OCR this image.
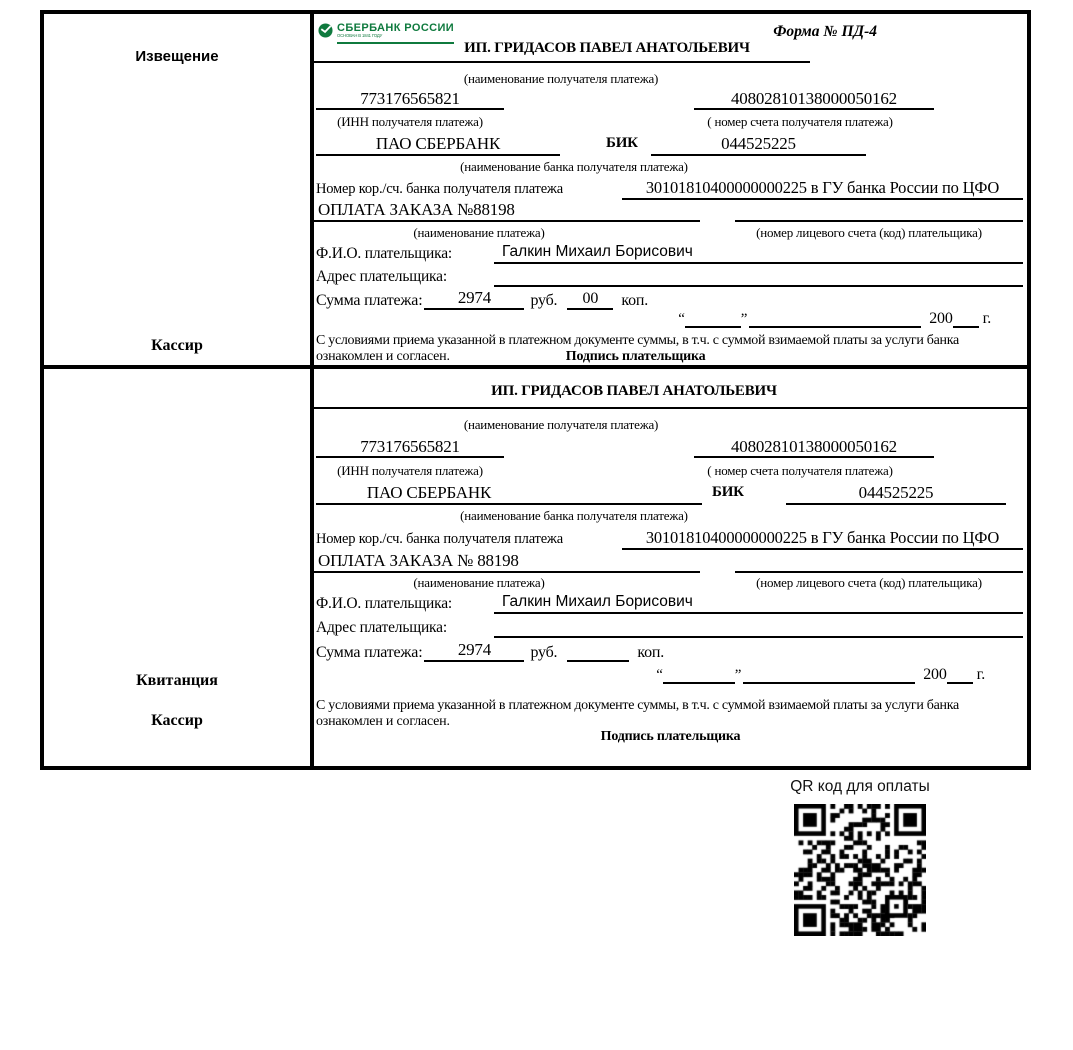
Извещение
Кассир
СБЕРБАНК РОССИИ
ОСНОВАН В 1841 ГОДУ	Форма № ПД-4
ИП. ГРИДАСОВ ПАВЕЛ АНАТОЛЬЕВИЧ
(наименование получателя платежа)
773176565821	40802810138000050162
(ИНН получателя платежа)	( номер счета получателя платежа)
ПАО СБЕРБАНК	БИК	044525225
(наименование банка получателя платежа)
Номер кор./сч. банка получателя платежа	30101810400000000225 в ГУ банка России по ЦФО
ОПЛАТА ЗАКАЗА №88198
(наименование платежа)	(номер лицевого счета (код) плательщика)
Ф.И.О. плательщика:	Галкин Михаил Борисович
Адрес плательщика:
Сумма платежа:	2974	руб.	00	коп.
“	”	200 г.
С условиями приема указанной в платежном документе суммы, в т.ч. с суммой взимаемой платы за услуги банка
ознакомлен и согласен.	Подпись плательщика
Квитанция
Кассир
ИП. ГРИДАСОВ ПАВЕЛ АНАТОЛЬЕВИЧ
(наименование получателя платежа)
773176565821	40802810138000050162
(ИНН получателя платежа)	( номер счета получателя платежа)
ПАО СБЕРБАНК	БИК	044525225
(наименование банка получателя платежа)
Номер кор./сч. банка получателя платежа	30101810400000000225 в ГУ банка России по ЦФО
ОПЛАТА ЗАКАЗА № 88198
(наименование платежа)	(номер лицевого счета (код) плательщика)
Ф.И.О. плательщика:	Галкин Михаил Борисович
Адрес плательщика:
Сумма платежа:	2974	руб.	коп.
“	”	200 г.
С условиями приема указанной в платежном документе суммы, в т.ч. с суммой взимаемой платы за услуги банка
ознакомлен и согласен.
Подпись плательщика
QR код для оплаты
